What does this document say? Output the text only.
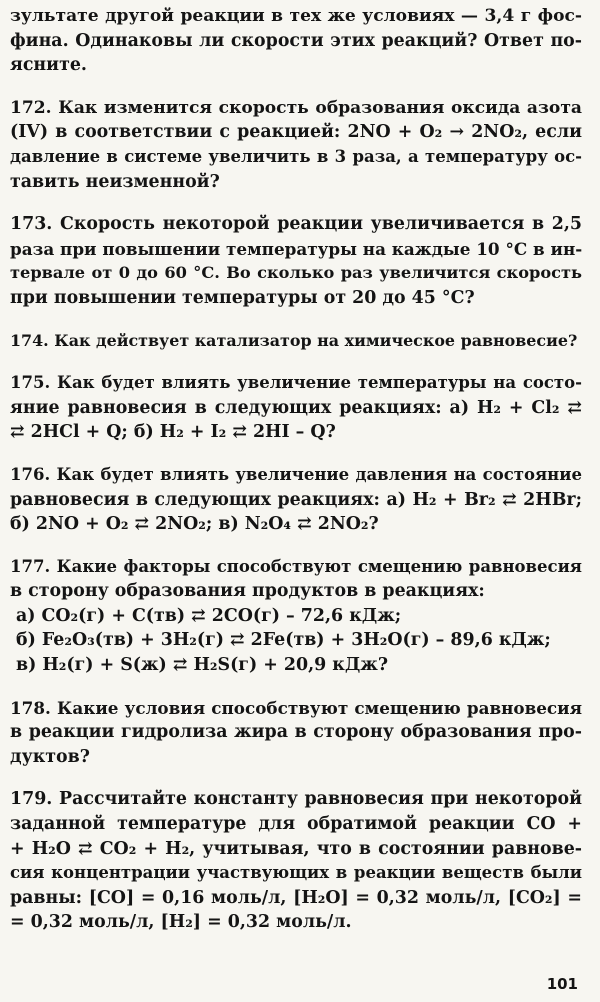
зультате другой реакции в тех же условиях — 3,4 г фос-
фина. Одинаковы ли скорости этих реакций? Ответ по-
ясните.
172. Как изменится скорость образования оксида азота
(IV) в соответствии с реакцией: 2NO + O₂ → 2NO₂, если
давление в системе увеличить в 3 раза, а температуру ос-
тавить неизменной?
173. Скорость некоторой реакции увеличивается в 2,5
раза при повышении температуры на каждые 10 °С в ин-
тервале от 0 до 60 °С. Во сколько раз увеличится скорость
при повышении температуры от 20 до 45 °С?
174. Как действует катализатор на химическое равновесие?
175. Как будет влиять увеличение температуры на состо-
яние равновесия в следующих реакциях: а) H₂ + Cl₂ ⇄
⇄ 2HCl + Q; б) H₂ + I₂ ⇄ 2HI – Q?
176. Как будет влиять увеличение давления на состояние
равновесия в следующих реакциях: а) H₂ + Br₂ ⇄ 2HBr;
б) 2NO + O₂ ⇄ 2NO₂; в) N₂O₄ ⇄ 2NO₂?
177. Какие факторы способствуют смещению равновесия
в сторону образования продуктов в реакциях:
а) CO₂(г) + C(тв) ⇄ 2CO(г) – 72,6 кДж;
б) Fe₂O₃(тв) + 3H₂(г) ⇄ 2Fe(тв) + 3H₂O(г) – 89,6 кДж;
в) H₂(г) + S(ж) ⇄ H₂S(г) + 20,9 кДж?
178. Какие условия способствуют смещению равновесия
в реакции гидролиза жира в сторону образования про-
дуктов?
179. Рассчитайте константу равновесия при некоторой
заданной температуре для обратимой реакции CO +
+ H₂O ⇄ CO₂ + H₂, учитывая, что в состоянии равнове-
сия концентрации участвующих в реакции веществ были
равны: [CO] = 0,16 моль/л, [H₂O] = 0,32 моль/л, [CO₂] =
= 0,32 моль/л, [H₂] = 0,32 моль/л.
101
